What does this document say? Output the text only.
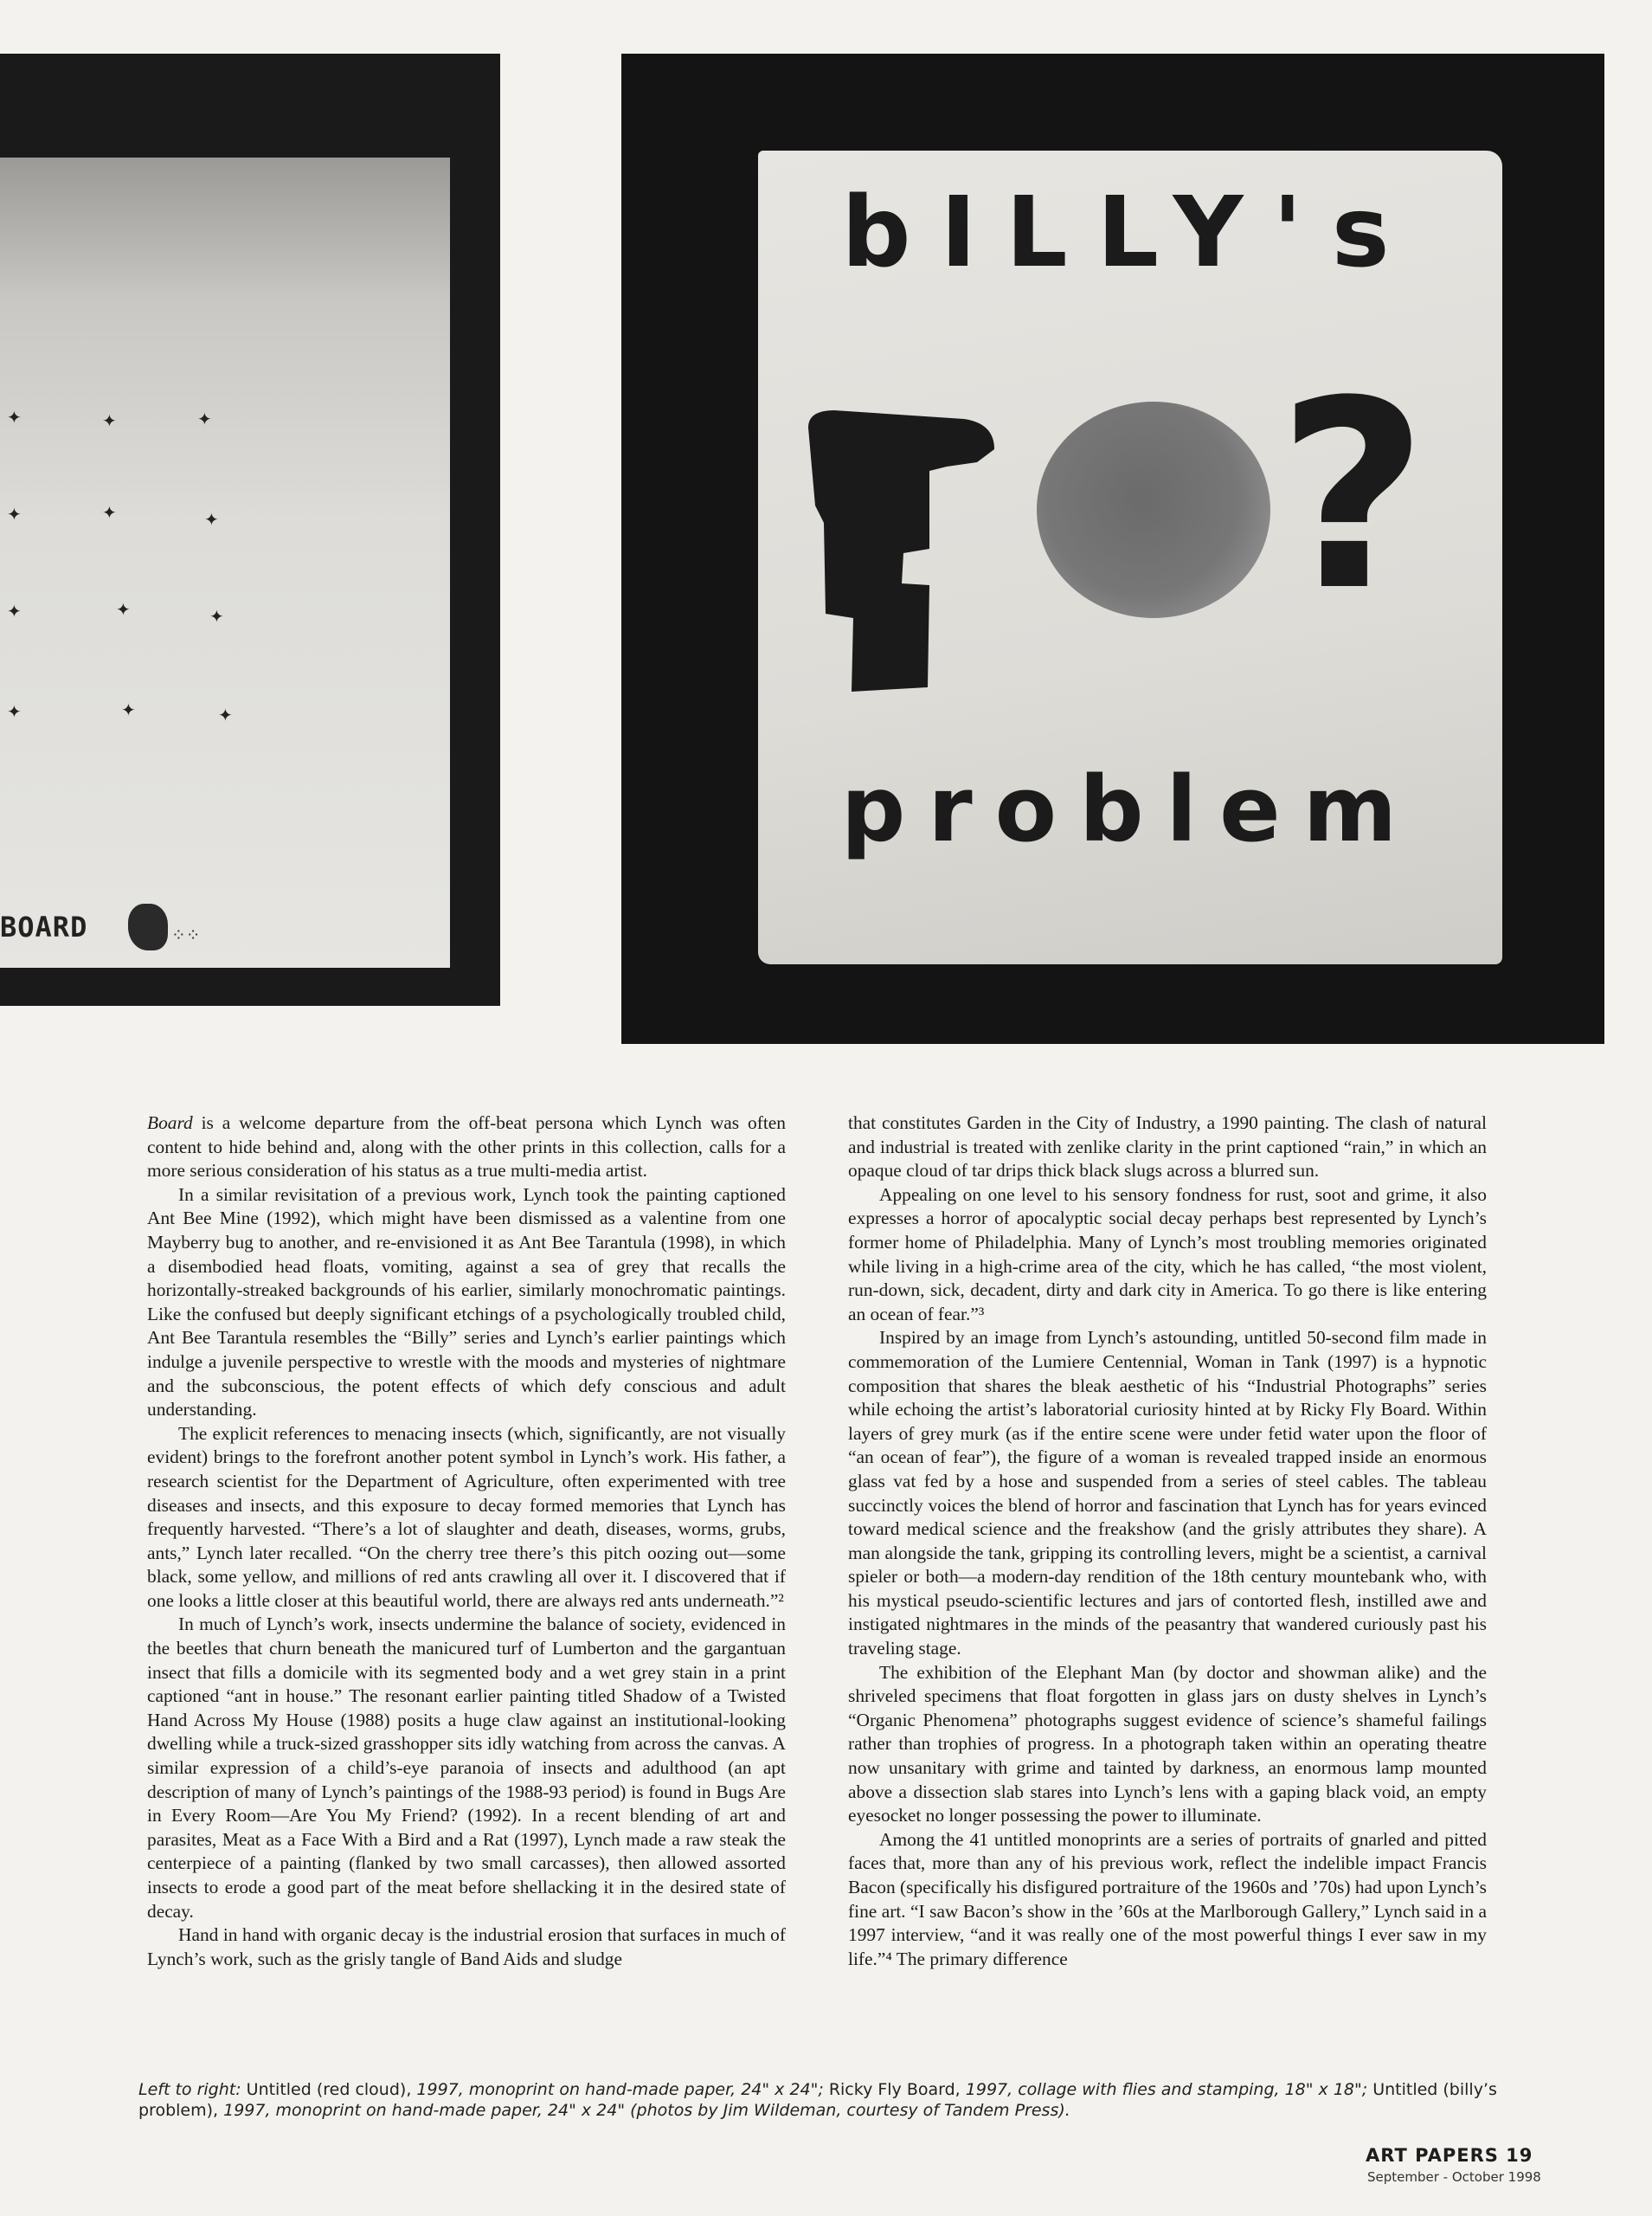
✦	✦	✦
✦	✦	✦
✦	✦	✦
✦	✦	✦
BOARD	⁘⁘
bILLY's
?
problem

Board is a welcome departure from the off-beat persona which Lynch was often content to hide behind and, along with the other prints in this collection, calls for a more serious consideration of his status as a true multi-media artist.

In a similar revisitation of a previous work, Lynch took the painting captioned Ant Bee Mine (1992), which might have been dismissed as a valentine from one Mayberry bug to another, and re-envisioned it as Ant Bee Tarantula (1998), in which a disembodied head floats, vomiting, against a sea of grey that recalls the horizontally-streaked backgrounds of his earlier, similarly monochromatic paintings. Like the confused but deeply significant etchings of a psychologically troubled child, Ant Bee Tarantula resembles the “Billy” series and Lynch’s earlier paintings which indulge a juvenile perspective to wrestle with the moods and mysteries of nightmare and the subconscious, the potent effects of which defy conscious and adult understanding.

The explicit references to menacing insects (which, significantly, are not visually evident) brings to the forefront another potent symbol in Lynch’s work. His father, a research scientist for the Department of Agriculture, often experimented with tree diseases and insects, and this exposure to decay formed memories that Lynch has frequently harvested. “There’s a lot of slaughter and death, diseases, worms, grubs, ants,” Lynch later recalled. “On the cherry tree there’s this pitch oozing out—some black, some yellow, and millions of red ants crawling all over it. I discovered that if one looks a little closer at this beautiful world, there are always red ants underneath.”²

In much of Lynch’s work, insects undermine the balance of society, evidenced in the beetles that churn beneath the manicured turf of Lumberton and the gargantuan insect that fills a domicile with its segmented body and a wet grey stain in a print captioned “ant in house.” The resonant earlier painting titled Shadow of a Twisted Hand Across My House (1988) posits a huge claw against an institutional-looking dwelling while a truck-sized grasshopper sits idly watching from across the canvas. A similar expression of a child’s-eye paranoia of insects and adulthood (an apt description of many of Lynch’s paintings of the 1988-93 period) is found in Bugs Are in Every Room—Are You My Friend? (1992). In a recent blending of art and parasites, Meat as a Face With a Bird and a Rat (1997), Lynch made a raw steak the centerpiece of a painting (flanked by two small carcasses), then allowed assorted insects to erode a good part of the meat before shellacking it in the desired state of decay.

Hand in hand with organic decay is the industrial erosion that surfaces in much of Lynch’s work, such as the grisly tangle of Band Aids and sludge

that constitutes Garden in the City of Industry, a 1990 painting. The clash of natural and industrial is treated with zenlike clarity in the print captioned “rain,” in which an opaque cloud of tar drips thick black slugs across a blurred sun.

Appealing on one level to his sensory fondness for rust, soot and grime, it also expresses a horror of apocalyptic social decay perhaps best represented by Lynch’s former home of Philadelphia. Many of Lynch’s most troubling memories originated while living in a high-crime area of the city, which he has called, “the most violent, run-down, sick, decadent, dirty and dark city in America. To go there is like entering an ocean of fear.”³

Inspired by an image from Lynch’s astounding, untitled 50-second film made in commemoration of the Lumiere Centennial, Woman in Tank (1997) is a hypnotic composition that shares the bleak aesthetic of his “Industrial Photographs” series while echoing the artist’s laboratorial curiosity hinted at by Ricky Fly Board. Within layers of grey murk (as if the entire scene were under fetid water upon the floor of “an ocean of fear”), the figure of a woman is revealed trapped inside an enormous glass vat fed by a hose and suspended from a series of steel cables. The tableau succinctly voices the blend of horror and fascination that Lynch has for years evinced toward medical science and the freakshow (and the grisly attributes they share). A man alongside the tank, gripping its controlling levers, might be a scientist, a carnival spieler or both—a modern-day rendition of the 18th century mountebank who, with his mystical pseudo-scientific lectures and jars of contorted flesh, instilled awe and instigated nightmares in the minds of the peasantry that wandered curiously past his traveling stage.

The exhibition of the Elephant Man (by doctor and showman alike) and the shriveled specimens that float forgotten in glass jars on dusty shelves in Lynch’s “Organic Phenomena” photographs suggest evidence of science’s shameful failings rather than trophies of progress. In a photograph taken within an operating theatre now unsanitary with grime and tainted by darkness, an enormous lamp mounted above a dissection slab stares into Lynch’s lens with a gaping black void, an empty eyesocket no longer possessing the power to illuminate.

Among the 41 untitled monoprints are a series of portraits of gnarled and pitted faces that, more than any of his previous work, reflect the indelible impact Francis Bacon (specifically his disfigured portraiture of the 1960s and ’70s) had upon Lynch’s fine art. “I saw Bacon’s show in the ’60s at the Marlborough Gallery,” Lynch said in a 1997 interview, “and it was really one of the most powerful things I ever saw in my life.”⁴ The primary difference

Left to right: Untitled (red cloud), 1997, monoprint on hand-made paper, 24" x 24"; Ricky Fly Board, 1997, collage with flies and stamping, 18" x 18"; Untitled (billy’s problem), 1997, monoprint on hand-made paper, 24" x 24" (photos by Jim Wildeman, courtesy of Tandem Press).
ART PAPERS 19
September - October 1998
